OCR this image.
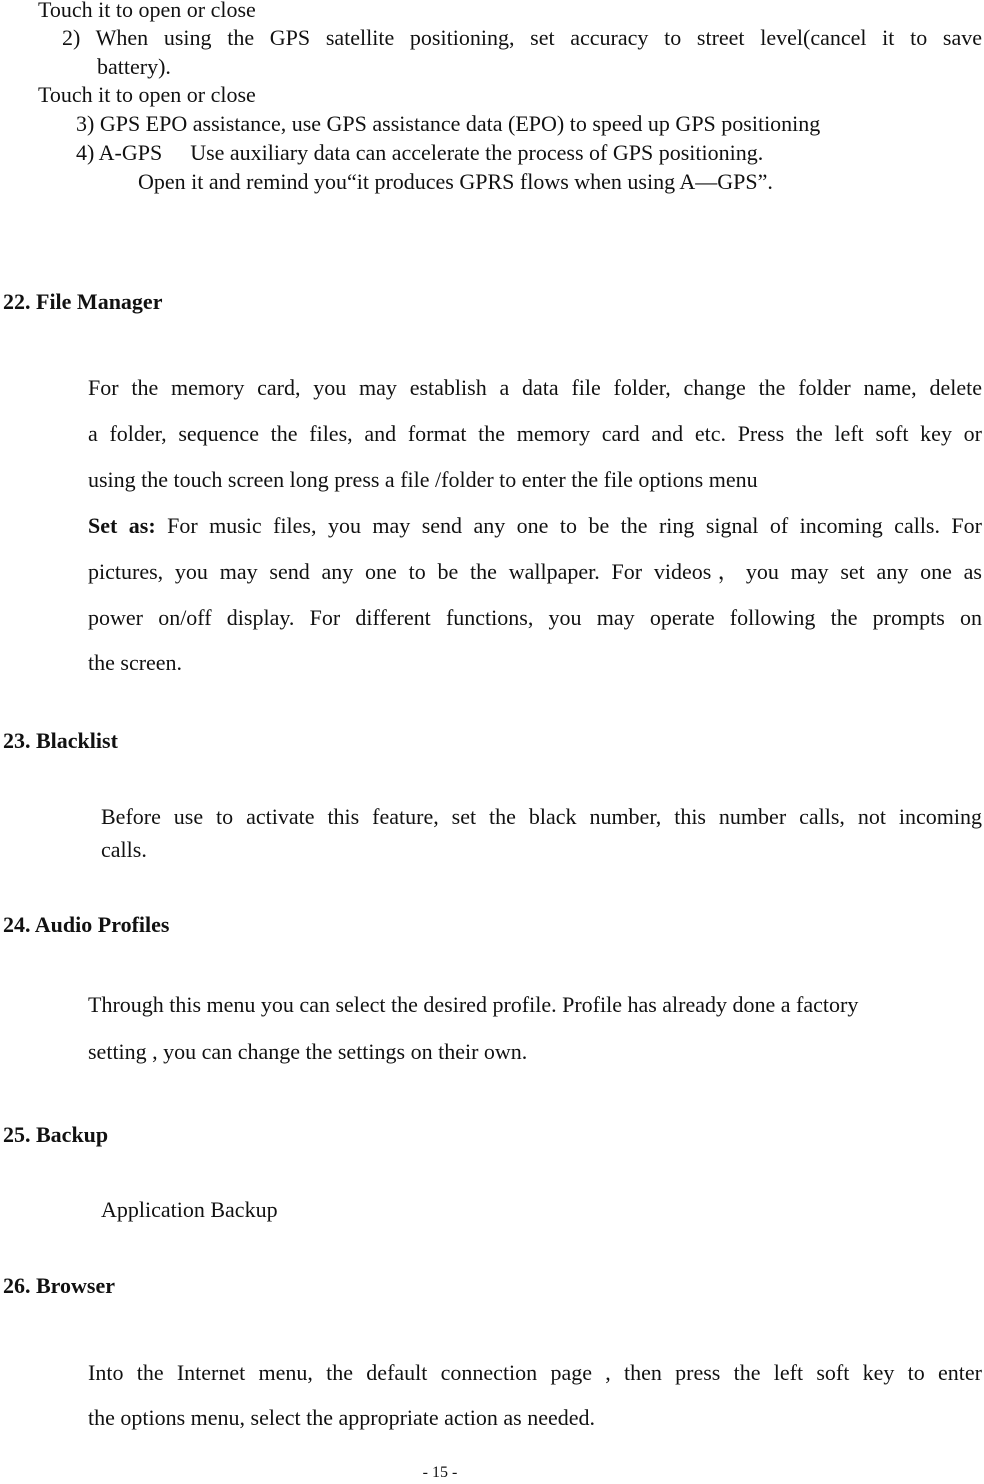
Touch it to open or close

2) When using the GPS satellite positioning, set accuracy to street level(cancel it to save

battery).

Touch it to open or close

3) GPS EPO assistance, use GPS assistance data (EPO) to speed up GPS positioning

4) A-GPS Use auxiliary data can accelerate the process of GPS positioning.

Open it and remind you“it produces GPRS flows when using A—GPS”.

22. File Manager

For the memory card, you may establish a data file folder, change the folder name, delete

a folder, sequence the files, and format the memory card and etc. Press the left soft key or

using the touch screen long press a file /folder to enter the file options menu

Set as: For music files, you may send any one to be the ring signal of incoming calls. For

pictures, you may send any one to be the wallpaper. For videos，you may set any one as

power on/off display. For different functions, you may operate following the prompts on

the screen.

23. Blacklist

Before use to activate this feature, set the black number, this number calls, not incoming

calls.

24. Audio Profiles

Through this menu you can select the desired profile. Profile has already done a factory

setting , you can change the settings on their own.

25. Backup

Application Backup

26. Browser

Into the Internet menu, the default connection page , then press the left soft key to enter

the options menu, select the appropriate action as needed.

- 15 -
